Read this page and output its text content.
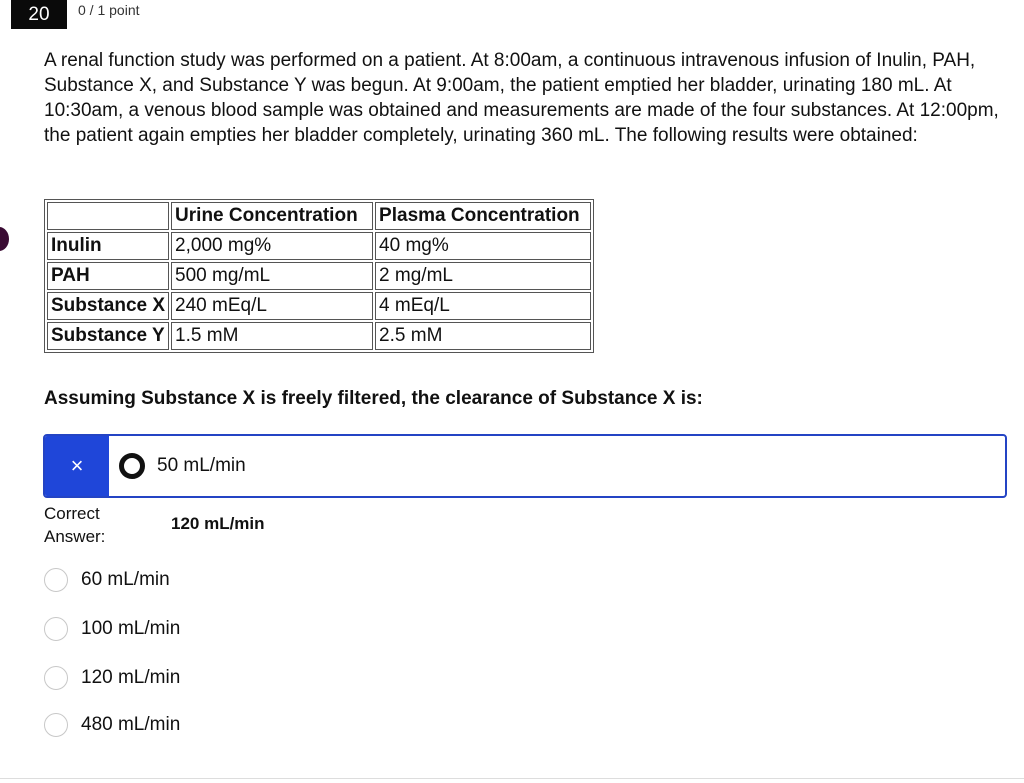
20	0 / 1 point
A renal function study was performed on a patient. At 8:00am, a continuous intravenous infusion of Inulin, PAH, Substance X, and Substance Y was begun. At 9:00am, the patient emptied her bladder, urinating 180 mL. At 10:30am, a venous blood sample was obtained and measurements are made of the four substances. At 12:00pm, the patient again empties her bladder completely, urinating 360 mL. The following results were obtained:
	Urine Concentration	Plasma Concentration
Inulin	2,000 mg%	40 mg%
PAH	500 mg/mL	2 mg/mL
Substance X	240 mEq/L	4 mEq/L
Substance Y	1.5 mM	2.5 mM
Assuming Substance X is freely filtered, the clearance of Substance X is:
×	50 mL/min
Correct
Answer:
120 mL/min
60 mL/min
100 mL/min
120 mL/min
480 mL/min
